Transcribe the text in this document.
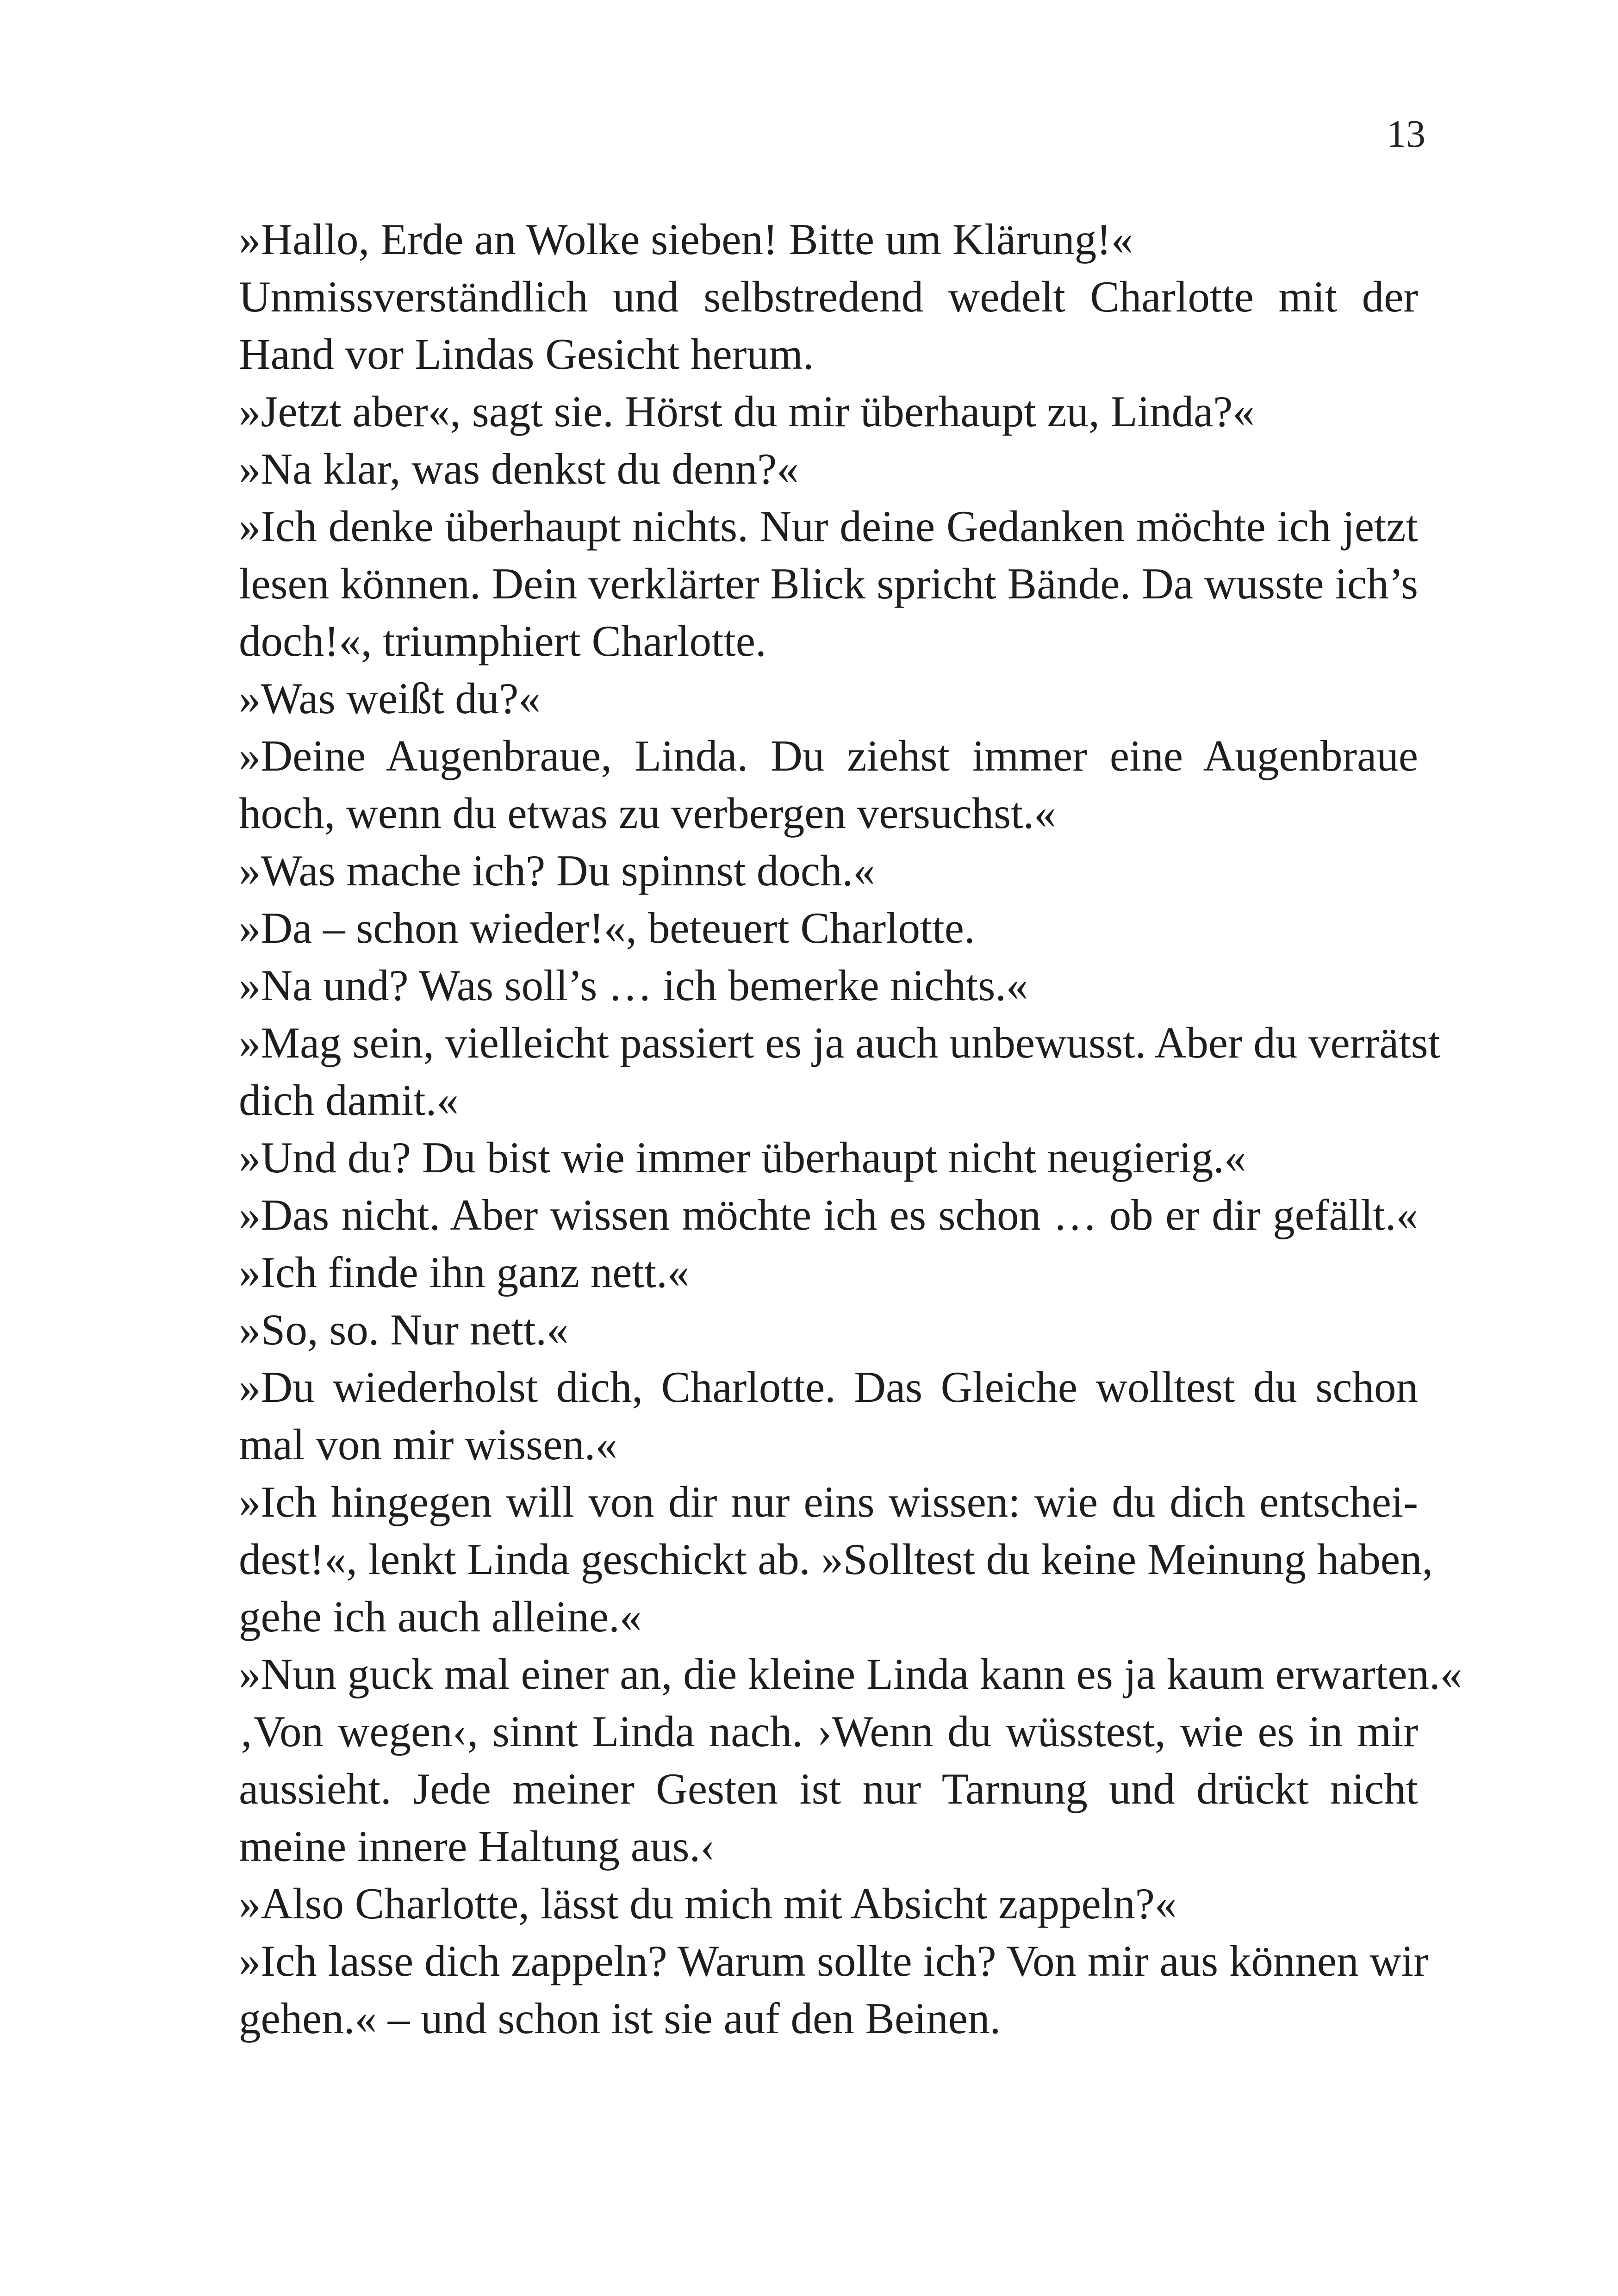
13
»Hallo, Erde an Wolke sieben! Bitte um Klärung!«
Unmissverständlich und selbstredend wedelt Charlotte mit der
Hand vor Lindas Gesicht herum.
»Jetzt aber«, sagt sie. Hörst du mir überhaupt zu, Linda?«
»Na klar, was denkst du denn?«
»Ich denke überhaupt nichts. Nur deine Gedanken möchte ich jetzt
lesen können. Dein verklärter Blick spricht Bände. Da wusste ich’s
doch!«, triumphiert Charlotte.
»Was weißt du?«
»Deine Augenbraue, Linda. Du ziehst immer eine Augenbraue
hoch, wenn du etwas zu verbergen versuchst.«
»Was mache ich? Du spinnst doch.«
»Da – schon wieder!«, beteuert Charlotte.
»Na und? Was soll’s … ich bemerke nichts.«
»Mag sein, vielleicht passiert es ja auch unbewusst. Aber du verrätst
dich damit.«
»Und du? Du bist wie immer überhaupt nicht neugierig.«
»Das nicht. Aber wissen möchte ich es schon … ob er dir gefällt.«
»Ich finde ihn ganz nett.«
»So, so. Nur nett.«
»Du wiederholst dich, Charlotte. Das Gleiche wolltest du schon
mal von mir wissen.«
»Ich hingegen will von dir nur eins wissen: wie du dich entschei-
dest!«, lenkt Linda geschickt ab. »Solltest du keine Meinung haben,
gehe ich auch alleine.«
»Nun guck mal einer an, die kleine Linda kann es ja kaum erwarten.«
‚Von wegen‹, sinnt Linda nach. ›Wenn du wüsstest, wie es in mir
aussieht. Jede meiner Gesten ist nur Tarnung und drückt nicht
meine innere Haltung aus.‹
»Also Charlotte, lässt du mich mit Absicht zappeln?«
»Ich lasse dich zappeln? Warum sollte ich? Von mir aus können wir
gehen.« – und schon ist sie auf den Beinen.
